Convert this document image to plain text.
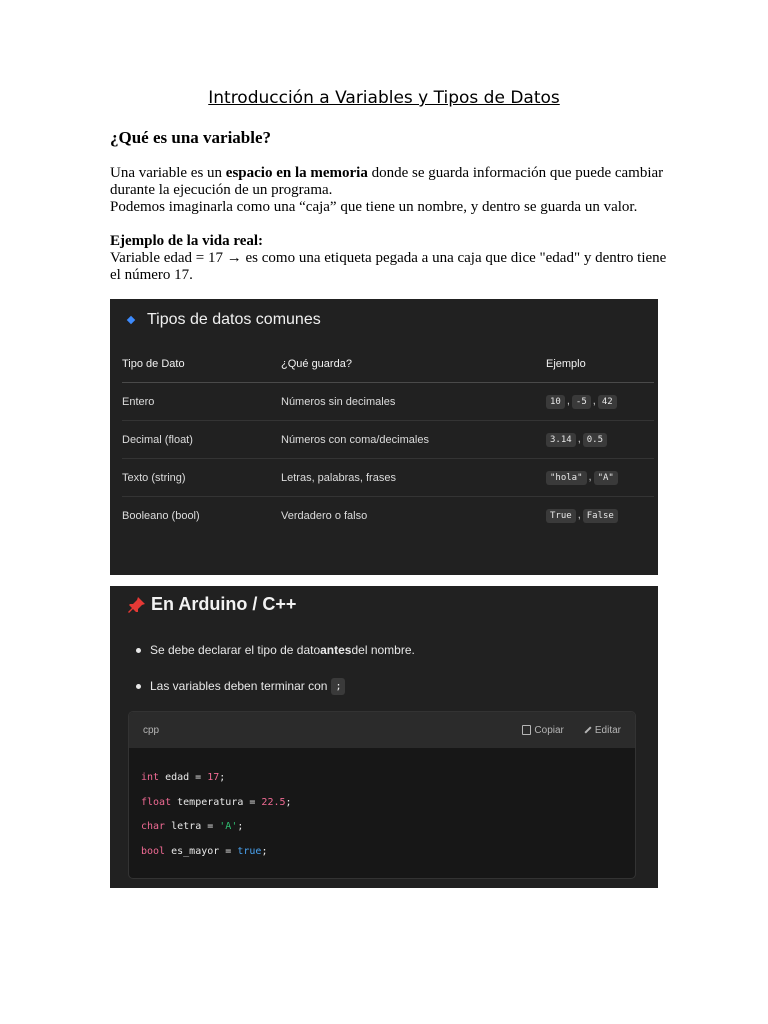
Introducción a Variables y Tipos de Datos
¿Qué es una variable?

Una variable es un espacio en la memoria donde se guarda información que puede cambiar durante la ejecución de un programa.
Podemos imaginarla como una “caja” que tiene un nombre, y dentro se guarda un valor.

Ejemplo de la vida real:
Variable edad = 17 → es como una etiqueta pegada a una caja que dice "edad" y dentro tiene el número 17.

Tipos de datos comunes
Tipo de Dato	¿Qué guarda?	Ejemplo
Entero	Números sin decimales	10 , -5 , 42
Decimal (float)	Números con coma/decimales	3.14 , 0.5
Texto (string)	Letras, palabras, frases	"hola" , "A"
Booleano (bool)	Verdadero o falso	True , False
En Arduino / C++
Se debe declarar el tipo de dato antes del nombre.
Las variables deben terminar con ;
cpp	Copiar	Editar
int edad = 17;
float temperatura = 22.5;
char letra = 'A';
bool es_mayor = true;
